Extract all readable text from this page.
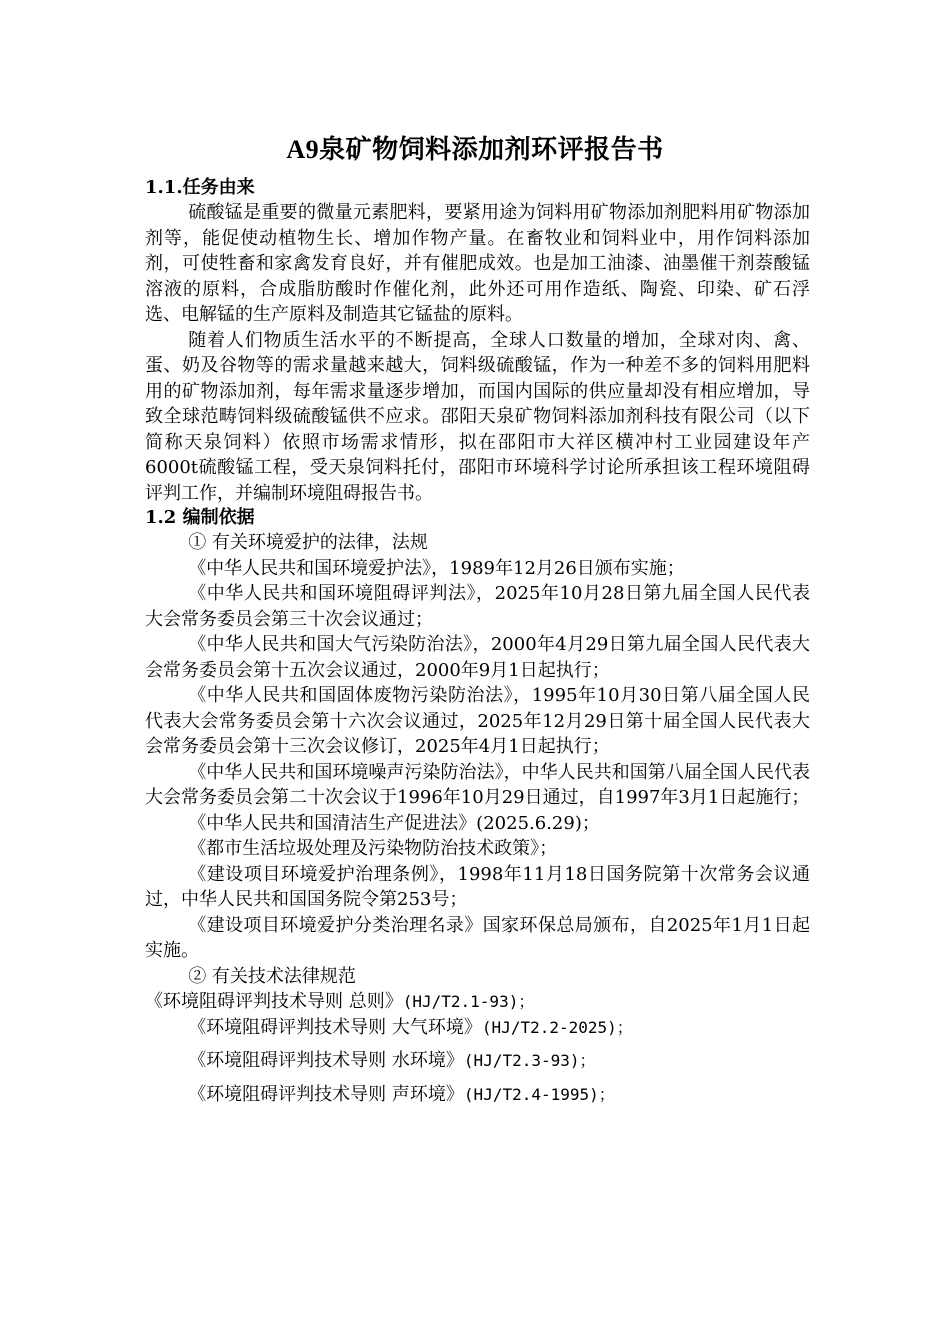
A9泉矿物饲料添加剂环评报告书

1.1.任务由来

硫酸锰是重要的微量元素肥料，要紧用途为饲料用矿物添加剂肥料用矿物添加剂等，能促使动植物生长、增加作物产量。在畜牧业和饲料业中，用作饲料添加剂，可使牲畜和家禽发育良好，并有催肥成效。也是加工油漆、油墨催干剂萘酸锰溶液的原料，合成脂肪酸时作催化剂，此外还可用作造纸、陶瓷、印染、矿石浮选、电解锰的生产原料及制造其它锰盐的原料。

随着人们物质生活水平的不断提高，全球人口数量的增加，全球对肉、禽、蛋、奶及谷物等的需求量越来越大，饲料级硫酸锰，作为一种差不多的饲料用肥料用的矿物添加剂，每年需求量逐步增加，而国内国际的供应量却没有相应增加，导致全球范畴饲料级硫酸锰供不应求。邵阳天泉矿物饲料添加剂科技有限公司（以下简称天泉饲料）依照市场需求情形，拟在邵阳市大祥区横冲村工业园建设年产6000t硫酸锰工程，受天泉饲料托付，邵阳市环境科学讨论所承担该工程环境阻碍评判工作，并编制环境阻碍报告书。

1.2 编制依据

① 有关环境爱护的法律，法规

《中华人民共和国环境爱护法》，1989年12月26日颁布实施；

《中华人民共和国环境阻碍评判法》，2025年10月28日第九届全国人民代表大会常务委员会第三十次会议通过；

《中华人民共和国大气污染防治法》，2000年4月29日第九届全国人民代表大会常务委员会第十五次会议通过，2000年9月1日起执行；

《中华人民共和国固体废物污染防治法》，1995年10月30日第八届全国人民代表大会常务委员会第十六次会议通过，2025年12月29日第十届全国人民代表大会常务委员会第十三次会议修订，2025年4月1日起执行；

《中华人民共和国环境噪声污染防治法》，中华人民共和国第八届全国人民代表大会常务委员会第二十次会议于1996年10月29日通过，自1997年3月1日起施行；

《中华人民共和国清洁生产促进法》(2025.6.29)；

《都市生活垃圾处理及污染物防治技术政策》；

《建设项目环境爱护治理条例》，1998年11月18日国务院第十次常务会议通过，中华人民共和国国务院令第253号；

《建设项目环境爱护分类治理名录》国家环保总局颁布，自2025年1月1日起实施。

② 有关技术法律规范

《环境阻碍评判技术导则 总则》(HJ/T2.1-93)；

《环境阻碍评判技术导则 大气环境》(HJ/T2.2-2025)；

《环境阻碍评判技术导则 水环境》(HJ/T2.3-93)；

《环境阻碍评判技术导则 声环境》(HJ/T2.4-1995)；
